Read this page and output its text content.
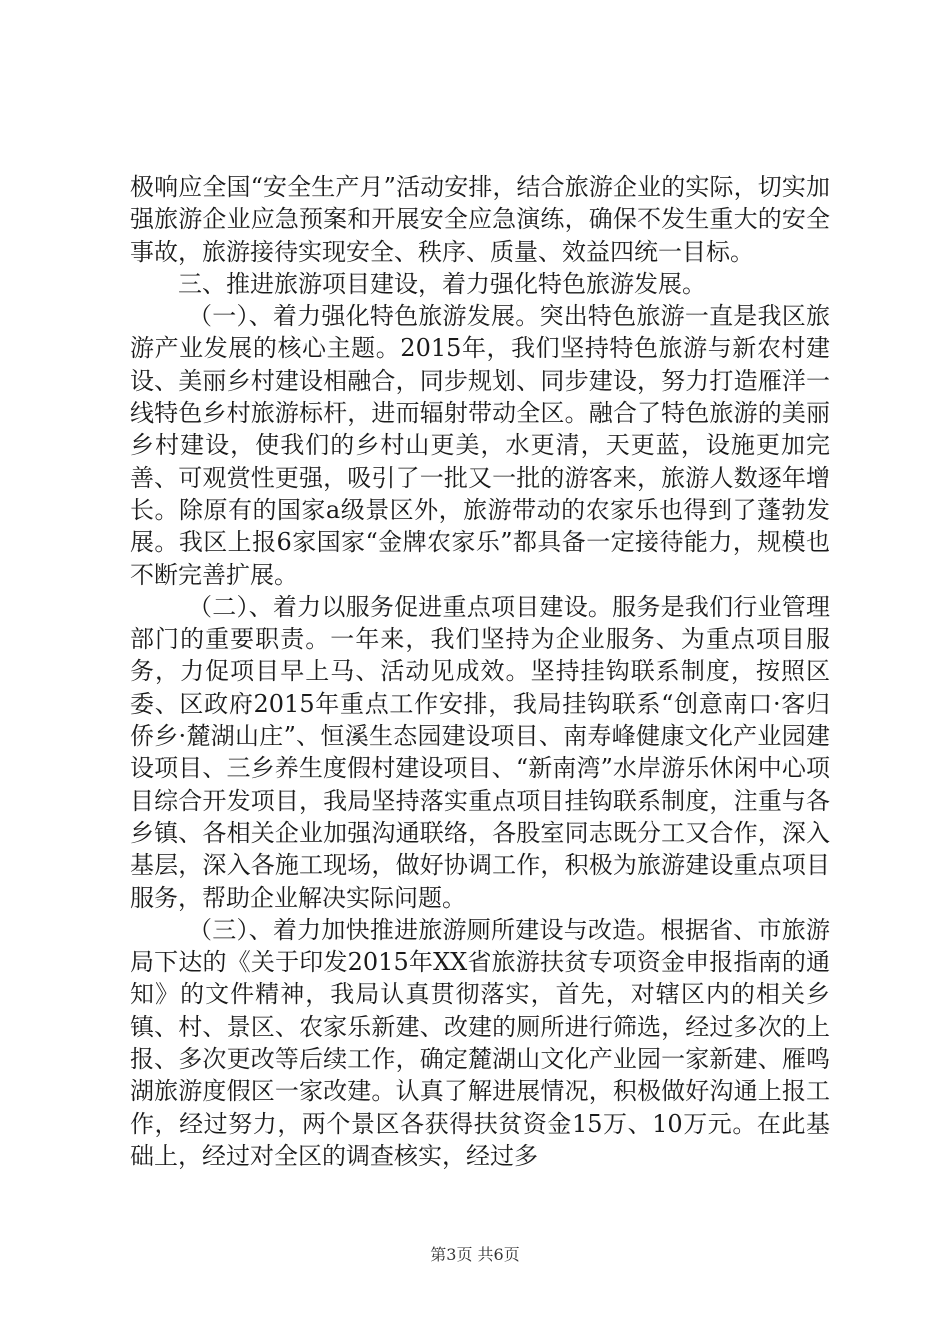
极响应全国“安全生产月”活动安排，结合旅游企业的实际，切实加强旅游企业应急预案和开展安全应急演练，确保不发生重大的安全事故，旅游接待实现安全、秩序、质量、效益四统一目标。

三、推进旅游项目建设，着力强化特色旅游发展。

（一）、着力强化特色旅游发展。突出特色旅游一直是我区旅游产业发展的核心主题。2015年，我们坚持特色旅游与新农村建设、美丽乡村建设相融合，同步规划、同步建设，努力打造雁洋一线特色乡村旅游标杆，进而辐射带动全区。融合了特色旅游的美丽乡村建设，使我们的乡村山更美，水更清，天更蓝，设施更加完善、可观赏性更强，吸引了一批又一批的游客来，旅游人数逐年增长。除原有的国家a级景区外，旅游带动的农家乐也得到了蓬勃发展。我区上报6家国家“金牌农家乐”都具备一定接待能力，规模也不断完善扩展。

（二）、着力以服务促进重点项目建设。服务是我们行业管理部门的重要职责。一年来，我们坚持为企业服务、为重点项目服务，力促项目早上马、活动见成效。坚持挂钩联系制度，按照区委、区政府2015年重点工作安排，我局挂钩联系“创意南口·客归侨乡·麓湖山庄”、恒溪生态园建设项目、南寿峰健康文化产业园建设项目、三乡养生度假村建设项目、“新南湾”水岸游乐休闲中心项目综合开发项目，我局坚持落实重点项目挂钩联系制度，注重与各乡镇、各相关企业加强沟通联络，各股室同志既分工又合作，深入基层，深入各施工现场，做好协调工作，积极为旅游建设重点项目服务，帮助企业解决实际问题。

（三）、着力加快推进旅游厕所建设与改造。根据省、市旅游局下达的《关于印发2015年XX省旅游扶贫专项资金申报指南的通知》的文件精神，我局认真贯彻落实，首先，对辖区内的相关乡镇、村、景区、农家乐新建、改建的厕所进行筛选，经过多次的上报、多次更改等后续工作，确定麓湖山文化产业园一家新建、雁鸣湖旅游度假区一家改建。认真了解进展情况，积极做好沟通上报工作，经过努力，两个景区各获得扶贫资金15万、10万元。在此基础上，经过对全区的调查核实，经过多

第3页 共6页
